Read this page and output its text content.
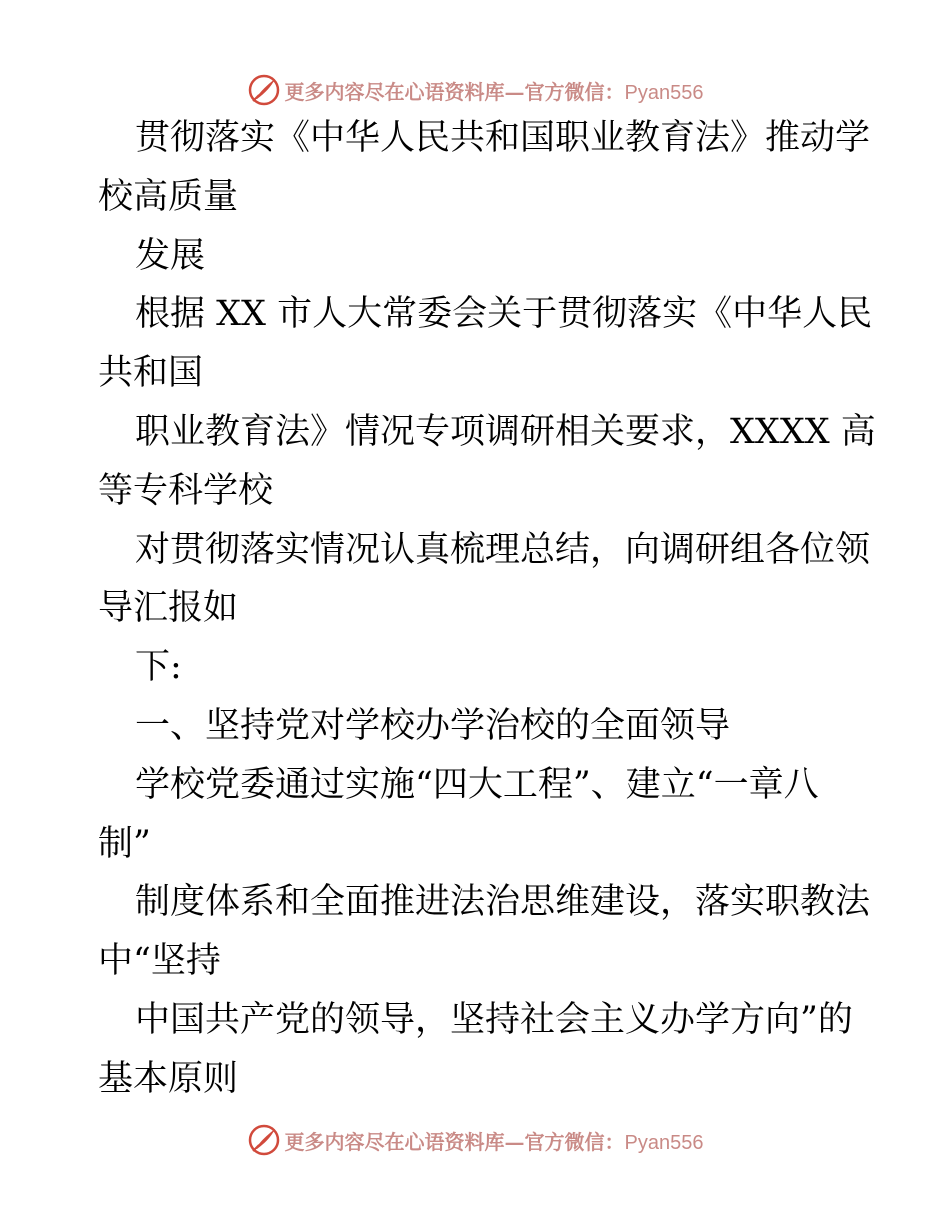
更多内容尽在心语资料库—官方微信：Pyan556
贯彻落实《中华人民共和国职业教育法》推动学
校高质量
发展
根据 XX 市人大常委会关于贯彻落实《中华人民
共和国
职业教育法》情况专项调研相关要求，XXXX 高
等专科学校
对贯彻落实情况认真梳理总结，向调研组各位领
导汇报如
下:
一、坚持党对学校办学治校的全面领导
学校党委通过实施“四大工程”、建立“一章八
制”
制度体系和全面推进法治思维建设，落实职教法
中“坚持
中国共产党的领导，坚持社会主义办学方向”的
基本原则
更多内容尽在心语资料库—官方微信：Pyan556
